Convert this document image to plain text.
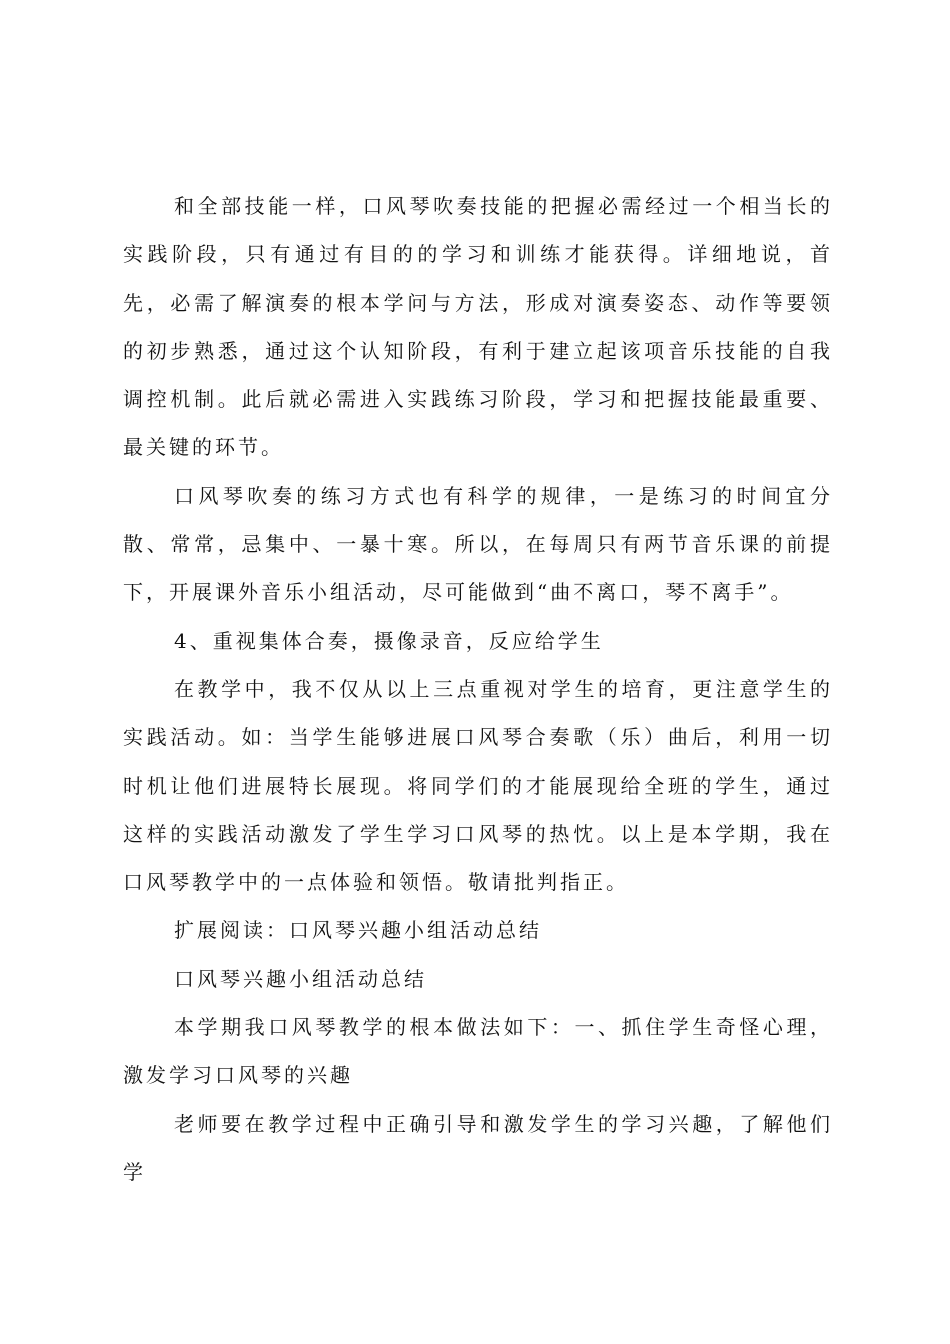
和全部技能一样，口风琴吹奏技能的把握必需经过一个相当长的实践阶段，只有通过有目的的学习和训练才能获得。详细地说，首先，必需了解演奏的根本学问与方法，形成对演奏姿态、动作等要领的初步熟悉，通过这个认知阶段，有利于建立起该项音乐技能的自我调控机制。此后就必需进入实践练习阶段，学习和把握技能最重要、最关键的环节。

口风琴吹奏的练习方式也有科学的规律，一是练习的时间宜分散、常常，忌集中、一暴十寒。所以，在每周只有两节音乐课的前提下，开展课外音乐小组活动，尽可能做到“曲不离口，琴不离手”。

4、重视集体合奏，摄像录音，反应给学生

在教学中，我不仅从以上三点重视对学生的培育，更注意学生的实践活动。如：当学生能够进展口风琴合奏歌（乐）曲后，利用一切时机让他们进展特长展现。将同学们的才能展现给全班的学生，通过这样的实践活动激发了学生学习口风琴的热忱。以上是本学期，我在口风琴教学中的一点体验和领悟。敬请批判指正。

扩展阅读：口风琴兴趣小组活动总结

口风琴兴趣小组活动总结

本学期我口风琴教学的根本做法如下：一、抓住学生奇怪心理，激发学习口风琴的兴趣

老师要在教学过程中正确引导和激发学生的学习兴趣，了解他们学
